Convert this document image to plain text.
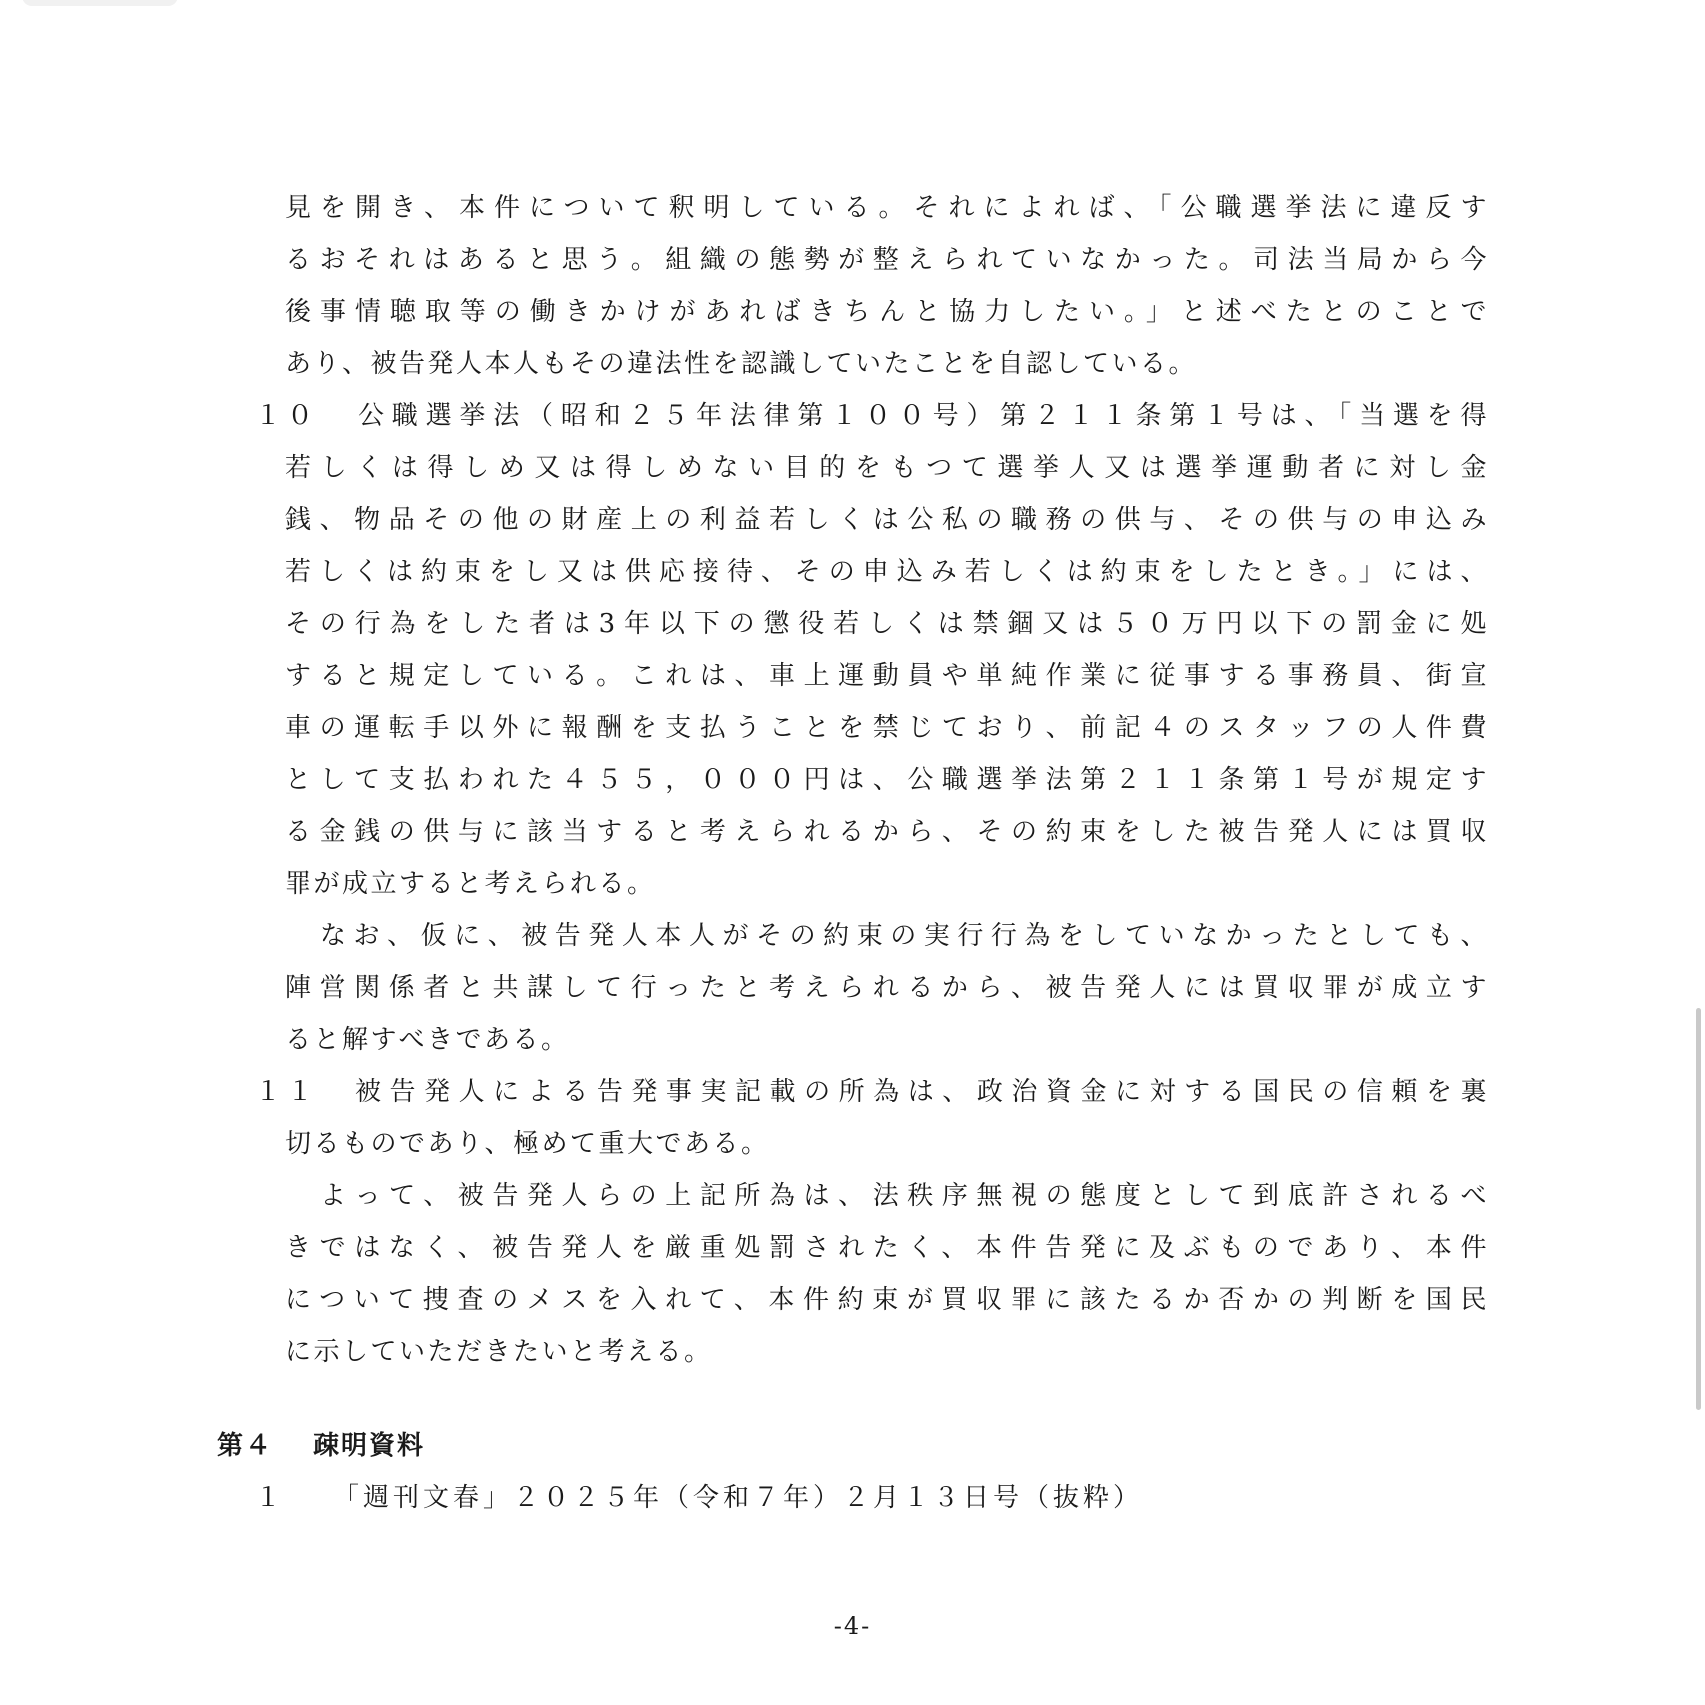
見を開き、本件について釈明している。それによれば、「公職選挙法に違反す
るおそれはあると思う。組織の態勢が整えられていなかった。司法当局から今
後事情聴取等の働きかけがあればきちんと協力したい。」と述べたとのことで
あり、被告発人本人もその違法性を認識していたことを自認している。
１０ 公職選挙法（昭和２５年法律第１００号）第２１１条第１号は、「当選を得
若しくは得しめ又は得しめない目的をもつて選挙人又は選挙運動者に対し金
銭、物品その他の財産上の利益若しくは公私の職務の供与、その供与の申込み
若しくは約束をし又は供応接待、その申込み若しくは約束をしたとき。」には、
その行為をした者は3年以下の懲役若しくは禁錮又は５０万円以下の罰金に処
すると規定している。これは、車上運動員や単純作業に従事する事務員、街宣
車の運転手以外に報酬を支払うことを禁じており、前記４のスタッフの人件費
として支払われた４５５，０００円は、公職選挙法第２１１条第１号が規定す
る金銭の供与に該当すると考えられるから、その約束をした被告発人には買収
罪が成立すると考えられる。
なお、仮に、被告発人本人がその約束の実行行為をしていなかったとしても、
陣営関係者と共謀して行ったと考えられるから、被告発人には買収罪が成立す
ると解すべきである。
１１ 被告発人による告発事実記載の所為は、政治資金に対する国民の信頼を裏
切るものであり、極めて重大である。
よって、被告発人らの上記所為は、法秩序無視の態度として到底許されるべ
きではなく、被告発人を厳重処罰されたく、本件告発に及ぶものであり、本件
について捜査のメスを入れて、本件約束が買収罪に該たるか否かの判断を国民
に示していただきたいと考える。
第４ 疎明資料
１ 「週刊文春」２０２５年（令和７年）２月１３日号（抜粋）
-4-
